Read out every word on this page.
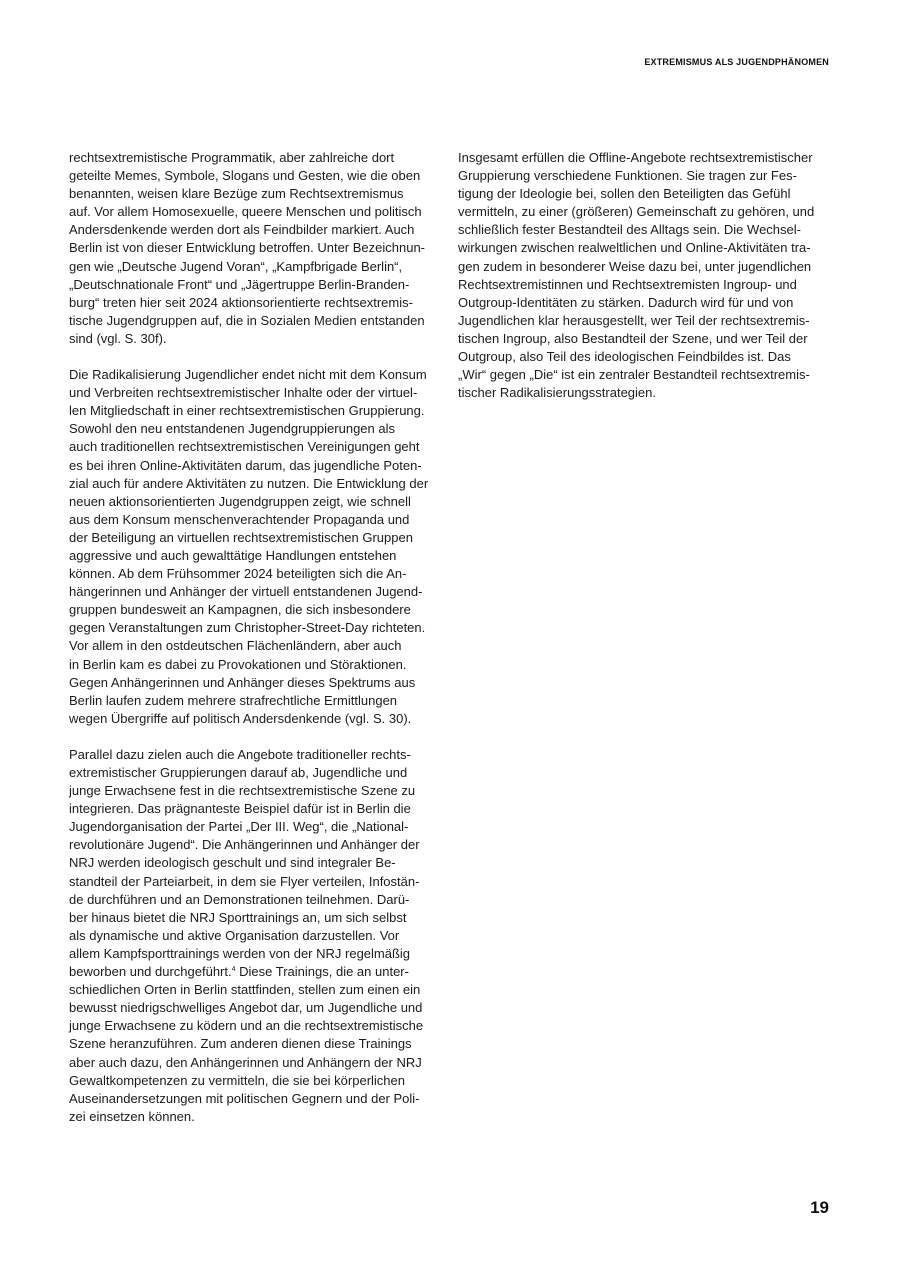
EXTREMISMUS ALS JUGENDPHÄNOMEN

rechtsextremistische Programmatik, aber zahlreiche dort
geteilte Memes, Symbole, Slogans und Gesten, wie die oben
benannten, weisen klare Bezüge zum Rechtsextremismus
auf. Vor allem Homosexuelle, queere Menschen und politisch
Andersdenkende werden dort als Feindbilder markiert. Auch
Berlin ist von dieser Entwicklung betroffen. Unter Bezeichnun-
gen wie „Deutsche Jugend Voran“, „Kampfbrigade Berlin“,
„Deutschnationale Front“ und „Jägertruppe Berlin-Branden-
burg“ treten hier seit 2024 aktionsorientierte rechtsextremis-
tische Jugendgruppen auf, die in Sozialen Medien entstanden
sind (vgl. S. 30f).

Die Radikalisierung Jugendlicher endet nicht mit dem Konsum
und Verbreiten rechtsextremistischer Inhalte oder der virtuel-
len Mitgliedschaft in einer rechtsextremistischen Gruppierung.
Sowohl den neu entstandenen Jugendgruppierungen als
auch traditionellen rechtsextremistischen Vereinigungen geht
es bei ihren Online-Aktivitäten darum, das jugendliche Poten-
zial auch für andere Aktivitäten zu nutzen. Die Entwicklung der
neuen aktionsorientierten Jugendgruppen zeigt, wie schnell
aus dem Konsum menschenverachtender Propaganda und
der Beteiligung an virtuellen rechtsextremistischen Gruppen
aggressive und auch gewalttätige Handlungen entstehen
können. Ab dem Frühsommer 2024 beteiligten sich die An-
hängerinnen und Anhänger der virtuell entstandenen Jugend-
gruppen bundesweit an Kampagnen, die sich insbesondere
gegen Veranstaltungen zum Christopher-Street-Day richteten.
Vor allem in den ostdeutschen Flächenländern, aber auch
in Berlin kam es dabei zu Provokationen und Störaktionen.
Gegen Anhängerinnen und Anhänger dieses Spektrums aus
Berlin laufen zudem mehrere strafrechtliche Ermittlungen
wegen Übergriffe auf politisch Andersdenkende (vgl. S. 30).

Parallel dazu zielen auch die Angebote traditioneller rechts-
extremistischer Gruppierungen darauf ab, Jugendliche und
junge Erwachsene fest in die rechtsextremistische Szene zu
integrieren. Das prägnanteste Beispiel dafür ist in Berlin die
Jugendorganisation der Partei „Der III. Weg“, die „National-
revolutionäre Jugend“. Die Anhängerinnen und Anhänger der
NRJ werden ideologisch geschult und sind integraler Be-
standteil der Parteiarbeit, in dem sie Flyer verteilen, Infostän-
de durchführen und an Demonstrationen teilnehmen. Darü-
ber hinaus bietet die NRJ Sporttrainings an, um sich selbst
als dynamische und aktive Organisation darzustellen. Vor
allem Kampfsporttrainings werden von der NRJ regelmäßig
beworben und durchgeführt.$^4$ Diese Trainings, die an unter-
schiedlichen Orten in Berlin stattfinden, stellen zum einen ein
bewusst niedrigschwelliges Angebot dar, um Jugendliche und
junge Erwachsene zu ködern und an die rechtsextremistische
Szene heranzuführen. Zum anderen dienen diese Trainings
aber auch dazu, den Anhängerinnen und Anhängern der NRJ
Gewaltkompetenzen zu vermitteln, die sie bei körperlichen
Auseinandersetzungen mit politischen Gegnern und der Poli-
zei einsetzen können.

Insgesamt erfüllen die Offline-Angebote rechtsextremistischer
Gruppierung verschiedene Funktionen. Sie tragen zur Fes-
tigung der Ideologie bei, sollen den Beteiligten das Gefühl
vermitteln, zu einer (größeren) Gemeinschaft zu gehören, und
schließlich fester Bestandteil des Alltags sein. Die Wechsel-
wirkungen zwischen realweltlichen und Online-Aktivitäten tra-
gen zudem in besonderer Weise dazu bei, unter jugendlichen
Rechtsextremistinnen und Rechtsextremisten Ingroup- und
Outgroup-Identitäten zu stärken. Dadurch wird für und von
Jugendlichen klar herausgestellt, wer Teil der rechtsextremis-
tischen Ingroup, also Bestandteil der Szene, und wer Teil der
Outgroup, also Teil des ideologischen Feindbildes ist. Das
„Wir“ gegen „Die“ ist ein zentraler Bestandteil rechtsextremis-
tischer Radikalisierungsstrategien.

19
